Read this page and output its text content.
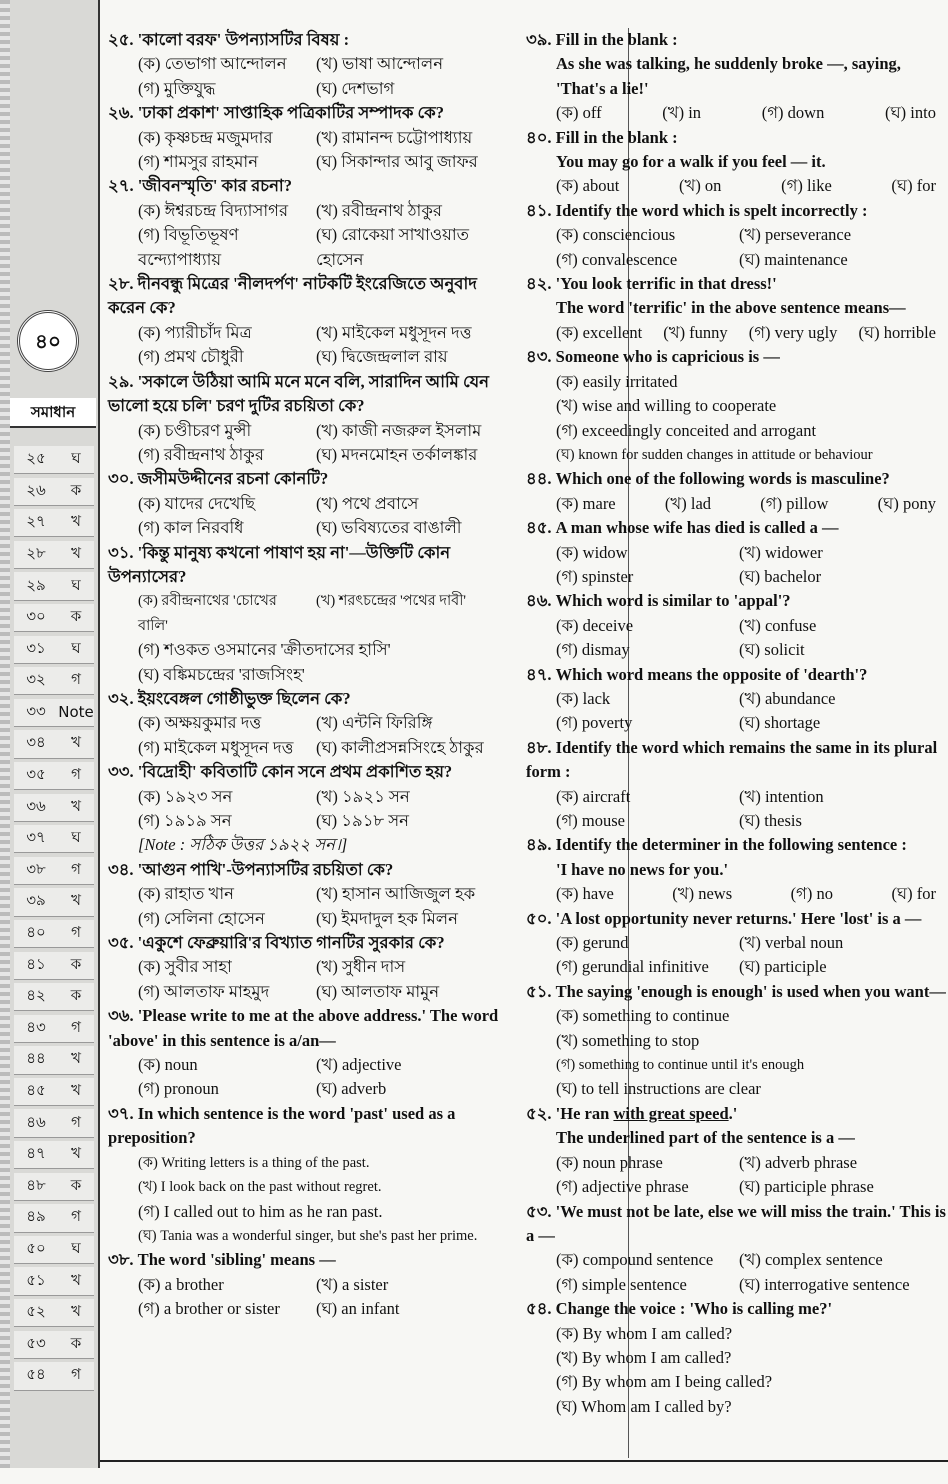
৪০
সমাধান
২৫	ঘ
২৬	ক
২৭	খ
২৮	খ
২৯	ঘ
৩০	ক
৩১	ঘ
৩২	গ
৩৩ Note
৩৪	খ
৩৫	গ
৩৬	খ
৩৭	ঘ
৩৮	গ
৩৯	খ
৪০	গ
৪১	ক
৪২	ক
৪৩	গ
৪৪	খ
৪৫	খ
৪৬	গ
৪৭	খ
৪৮	ক
৪৯	গ
৫০	ঘ
৫১	খ
৫২	খ
৫৩	ক
৫৪	গ
২৫. 'কালো বরফ' উপন্যাসটির বিষয় :
(ক) তেভাগা আন্দোলন	(খ) ভাষা আন্দোলন
(গ) মুক্তিযুদ্ধ	(ঘ) দেশভাগ
২৬. 'ঢাকা প্রকাশ' সাপ্তাহিক পত্রিকাটির সম্পাদক কে?
(ক) কৃষ্ণচন্দ্র মজুমদার	(খ) রামানন্দ চট্টোপাধ্যায়
(গ) শামসুর রাহমান	(ঘ) সিকান্দার আবু জাফর
২৭. 'জীবনস্মৃতি' কার রচনা?
(ক) ঈশ্বরচন্দ্র বিদ্যাসাগর	(খ) রবীন্দ্রনাথ ঠাকুর
(গ) বিভূতিভূষণ বন্দ্যোপাধ্যায়
(ঘ) রোকেয়া সাখাওয়াত হোসেন
২৮. দীনবন্ধু মিত্রের 'নীলদর্পণ' নাটকটি ইংরেজিতে অনুবাদ করেন কে?
(ক) প্যারীচাঁদ মিত্র	(খ) মাইকেল মধুসূদন দত্ত
(গ) প্রমথ চৌধুরী	(ঘ) দ্বিজেন্দ্রলাল রায়
২৯. 'সকালে উঠিয়া আমি মনে মনে বলি, সারাদিন আমি যেন ভালো হয়ে চলি' চরণ দুটির রচয়িতা কে?
(ক) চণ্ডীচরণ মুন্সী	(খ) কাজী নজরুল ইসলাম
(গ) রবীন্দ্রনাথ ঠাকুর	(ঘ) মদনমোহন তর্কালঙ্কার
৩০. জসীমউদ্দীনের রচনা কোনটি?
(ক) যাদের দেখেছি	(খ) পথে প্রবাসে
(গ) কাল নিরবধি	(ঘ) ভবিষ্যতের বাঙালী
৩১. 'কিন্তু মানুষ্য কখনো পাষাণ হয় না'—উক্তিটি কোন উপন্যাসের?
(ক) রবীন্দ্রনাথের 'চোখের বালি'
(খ) শরৎচন্দ্রের 'পথের দাবী'
(গ) শওকত ওসমানের 'ক্রীতদাসের হাসি'
(ঘ) বঙ্কিমচন্দ্রের 'রাজসিংহ'
৩২. ইয়ংবেঙ্গল গোষ্ঠীভুক্ত ছিলেন কে?
(ক) অক্ষয়কুমার দত্ত	(খ) এন্টনি ফিরিঙ্গি
(গ) মাইকেল মধুসূদন দত্ত	(ঘ) কালীপ্রসন্নসিংহে ঠাকুর
৩৩. 'বিদ্রোহী' কবিতাটি কোন সনে প্রথম প্রকাশিত হয়?
(ক) ১৯২৩ সন	(খ) ১৯২১ সন
(গ) ১৯১৯ সন	(ঘ) ১৯১৮ সন
[Note : সঠিক উত্তর ১৯২২ সন।]
৩৪. 'আগুন পাখি'-উপন্যাসটির রচয়িতা কে?
(ক) রাহাত খান	(খ) হাসান আজিজুল হক
(গ) সেলিনা হোসেন	(ঘ) ইমদাদুল হক মিলন
৩৫. 'একুশে ফেব্রুয়ারি'র বিখ্যাত গানটির সুরকার কে?
(ক) সুবীর সাহা	(খ) সুধীন দাস
(গ) আলতাফ মাহমুদ	(ঘ) আলতাফ মামুন
৩৬. 'Please write to me at the above address.' The word 'above' in this sentence is a/an—
(ক) noun	(খ) adjective
(গ) pronoun	(ঘ) adverb
৩৭. In which sentence is the word 'past' used as a preposition?
(ক) Writing letters is a thing of the past.
(খ) I look back on the past without regret.
(গ) I called out to him as he ran past.
(ঘ) Tania was a wonderful singer, but she's past her prime.
৩৮. The word 'sibling' means —
(ক) a brother	(খ) a sister
(গ) a brother or sister	(ঘ) an infant
৩৯. Fill in the blank :
As she was talking, he suddenly broke —, saying, 'That's a lie!'
(ক) off	(খ) in	(গ) down	(ঘ) into
৪০. Fill in the blank :
You may go for a walk if you feel — it.
(ক) about	(খ) on	(গ) like	(ঘ) for
৪১. Identify the word which is spelt incorrectly :
(ক) consciencious	(খ) perseverance
(গ) convalescence	(ঘ) maintenance
৪২. 'You look terrific in that dress!'
The word 'terrific' in the above sentence means—
(ক) excellent (খ) funny (গ) very ugly (ঘ) horrible
৪৩. Someone who is capricious is —
(ক) easily irritated
(খ) wise and willing to cooperate
(গ) exceedingly conceited and arrogant
(ঘ) known for sudden changes in attitude or behaviour
৪৪. Which one of the following words is masculine?
(ক) mare	(খ) lad	(গ) pillow	(ঘ) pony
৪৫. A man whose wife has died is called a —
(ক) widow	(খ) widower
(গ) spinster	(ঘ) bachelor
৪৬. Which word is similar to 'appal'?
(ক) deceive	(খ) confuse
(গ) dismay	(ঘ) solicit
৪৭. Which word means the opposite of 'dearth'?
(ক) lack	(খ) abundance
(গ) poverty	(ঘ) shortage
৪৮. Identify the word which remains the same in its plural form :
(ক) aircraft	(খ) intention
(গ) mouse	(ঘ) thesis
৪৯. Identify the determiner in the following sentence :
'I have no news for you.'
(ক) have	(খ) news	(গ) no	(ঘ) for
৫০. 'A lost opportunity never returns.' Here 'lost' is a —
(ক) gerund	(খ) verbal noun
(গ) gerundial infinitive	(ঘ) participle
৫১. The saying 'enough is enough' is used when you want—
(ক) something to continue
(খ) something to stop
(গ) something to continue until it's enough
(ঘ) to tell instructions are clear
৫২. 'He ran with great speed.'
The underlined part of the sentence is a —
(ক) noun phrase	(খ) adverb phrase
(গ) adjective phrase	(ঘ) participle phrase
৫৩. 'We must not be late, else we will miss the train.' This is a —
(ক) compound sentence	(খ) complex sentence
(গ) simple sentence	(ঘ) interrogative sentence
৫৪. Change the voice : 'Who is calling me?'
(ক) By whom I am called?
(খ) By whom I am called?
(গ) By whom am I being called?
(ঘ) Whom am I called by?
